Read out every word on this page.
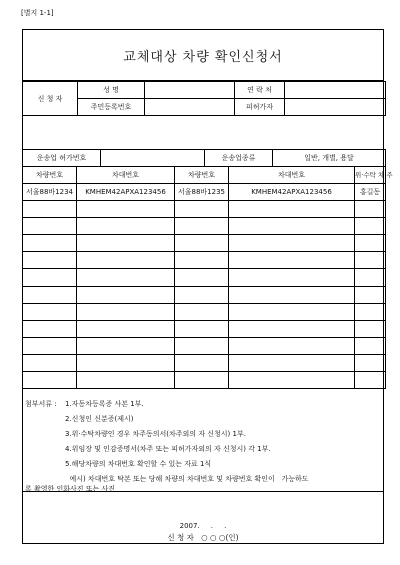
[별지 1-1]
교체대상 차량 확인신청서
신 청 자	성 명		연 락 처	
	주민등록번호		피허가자	
운송업 허가번호		운송업종류	일반, 개별, 용달
차량번호	차대번호	차량번호	차대번호	위·수탁 차 주
서울88바1234	KMHEM42APXA123456	서울88바1235	KMHEM42APXA123456	홍길동

첨부서류 : 1.자동차등록증 사본 1부.
2.신청인 신분증(제시)
3.위·수탁차량인 경우 차주동의서(차주외의 자 신청시) 1부.
4.위임장 및 인감증명서(차주 또는 피허가자외의 자 신청시) 각 1부.
5.해당차량의 차대번호 확인할 수 있는 자료 1식
예시) 차대번호 탁본 또는 당해 차량의 차대번호 및 차량번호 확인이   가능하도
록 촬영한 인화사진 또는 사진
2007.     .     .
신 청 자   ○ ○ ○(인)
